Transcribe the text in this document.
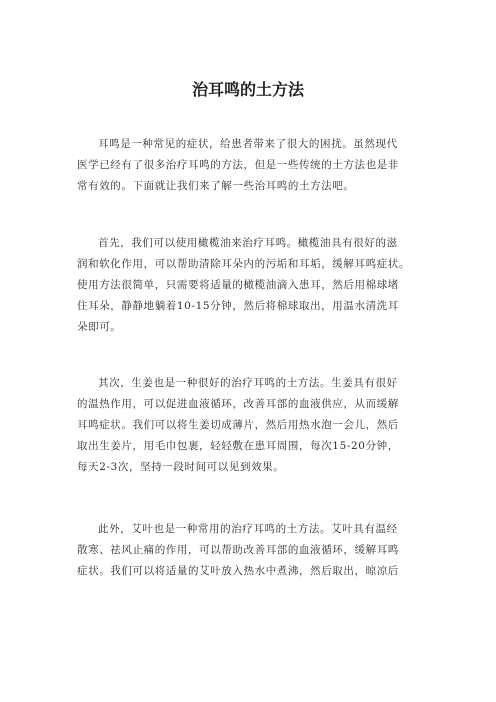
治耳鸣的土方法
耳鸣是一种常见的症状，给患者带来了很大的困扰。虽然现代
医学已经有了很多治疗耳鸣的方法，但是一些传统的土方法也是非
常有效的。下面就让我们来了解一些治耳鸣的土方法吧。
首先，我们可以使用橄榄油来治疗耳鸣。橄榄油具有很好的滋
润和软化作用，可以帮助清除耳朵内的污垢和耳垢，缓解耳鸣症状。
使用方法很简单，只需要将适量的橄榄油滴入患耳，然后用棉球堵
住耳朵，静静地躺着10-15分钟，然后将棉球取出，用温水清洗耳
朵即可。
其次，生姜也是一种很好的治疗耳鸣的土方法。生姜具有很好
的温热作用，可以促进血液循环，改善耳部的血液供应，从而缓解
耳鸣症状。我们可以将生姜切成薄片，然后用热水泡一会儿，然后
取出生姜片，用毛巾包裹，轻轻敷在患耳周围，每次15-20分钟，
每天2-3次，坚持一段时间可以见到效果。
此外，艾叶也是一种常用的治疗耳鸣的土方法。艾叶具有温经
散寒、祛风止痛的作用，可以帮助改善耳部的血液循环，缓解耳鸣
症状。我们可以将适量的艾叶放入热水中煮沸，然后取出，晾凉后
